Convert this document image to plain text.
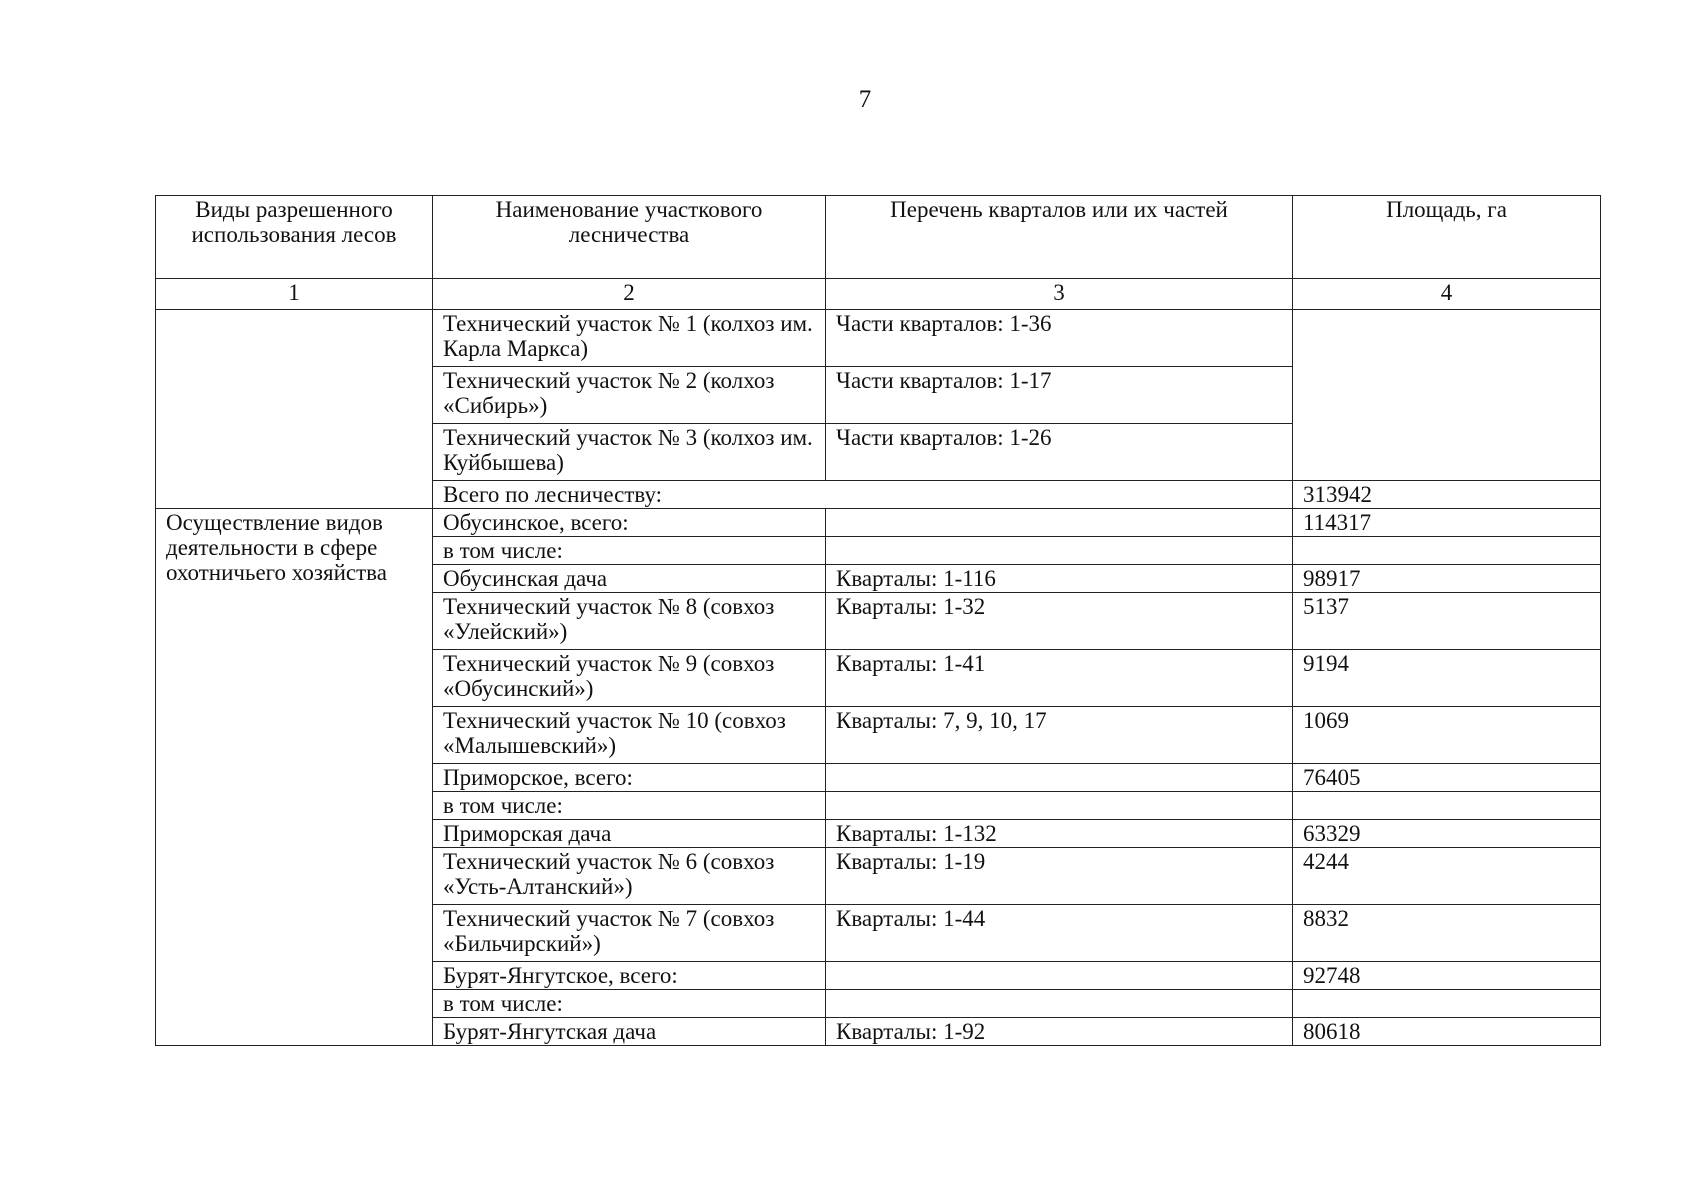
7
Виды разрешенного использования лесов	Наименование участкового лесничества	Перечень кварталов или их частей	Площадь, га
1	2	3	4
	Технический участок № 1 (колхоз им. Карла Маркса)	Части кварталов: 1-36	
	Технический участок № 2 (колхоз «Сибирь»)	Части кварталов: 1-17	
	Технический участок № 3 (колхоз им. Куйбышева)	Части кварталов: 1-26	
	Всего по лесничеству:		313942
Осуществление видов деятельности в сфере охотничьего хозяйства	Обусинское, всего:		114317
	в том числе:		
	Обусинская дача	Кварталы: 1-116	98917
	Технический участок № 8 (совхоз «Улейский»)	Кварталы: 1-32	5137
	Технический участок № 9 (совхоз «Обусинский»)	Кварталы: 1-41	9194
	Технический участок № 10 (совхоз «Малышевский»)	Кварталы: 7, 9, 10, 17	1069
	Приморское, всего:		76405
	в том числе:		
	Приморская дача	Кварталы: 1-132	63329
	Технический участок № 6 (совхоз «Усть-Алтанский»)	Кварталы: 1-19	4244
	Технический участок № 7 (совхоз «Бильчирский»)	Кварталы: 1-44	8832
	Бурят-Янгутское, всего:		92748
	в том числе:		
	Бурят-Янгутская дача	Кварталы: 1-92	80618
